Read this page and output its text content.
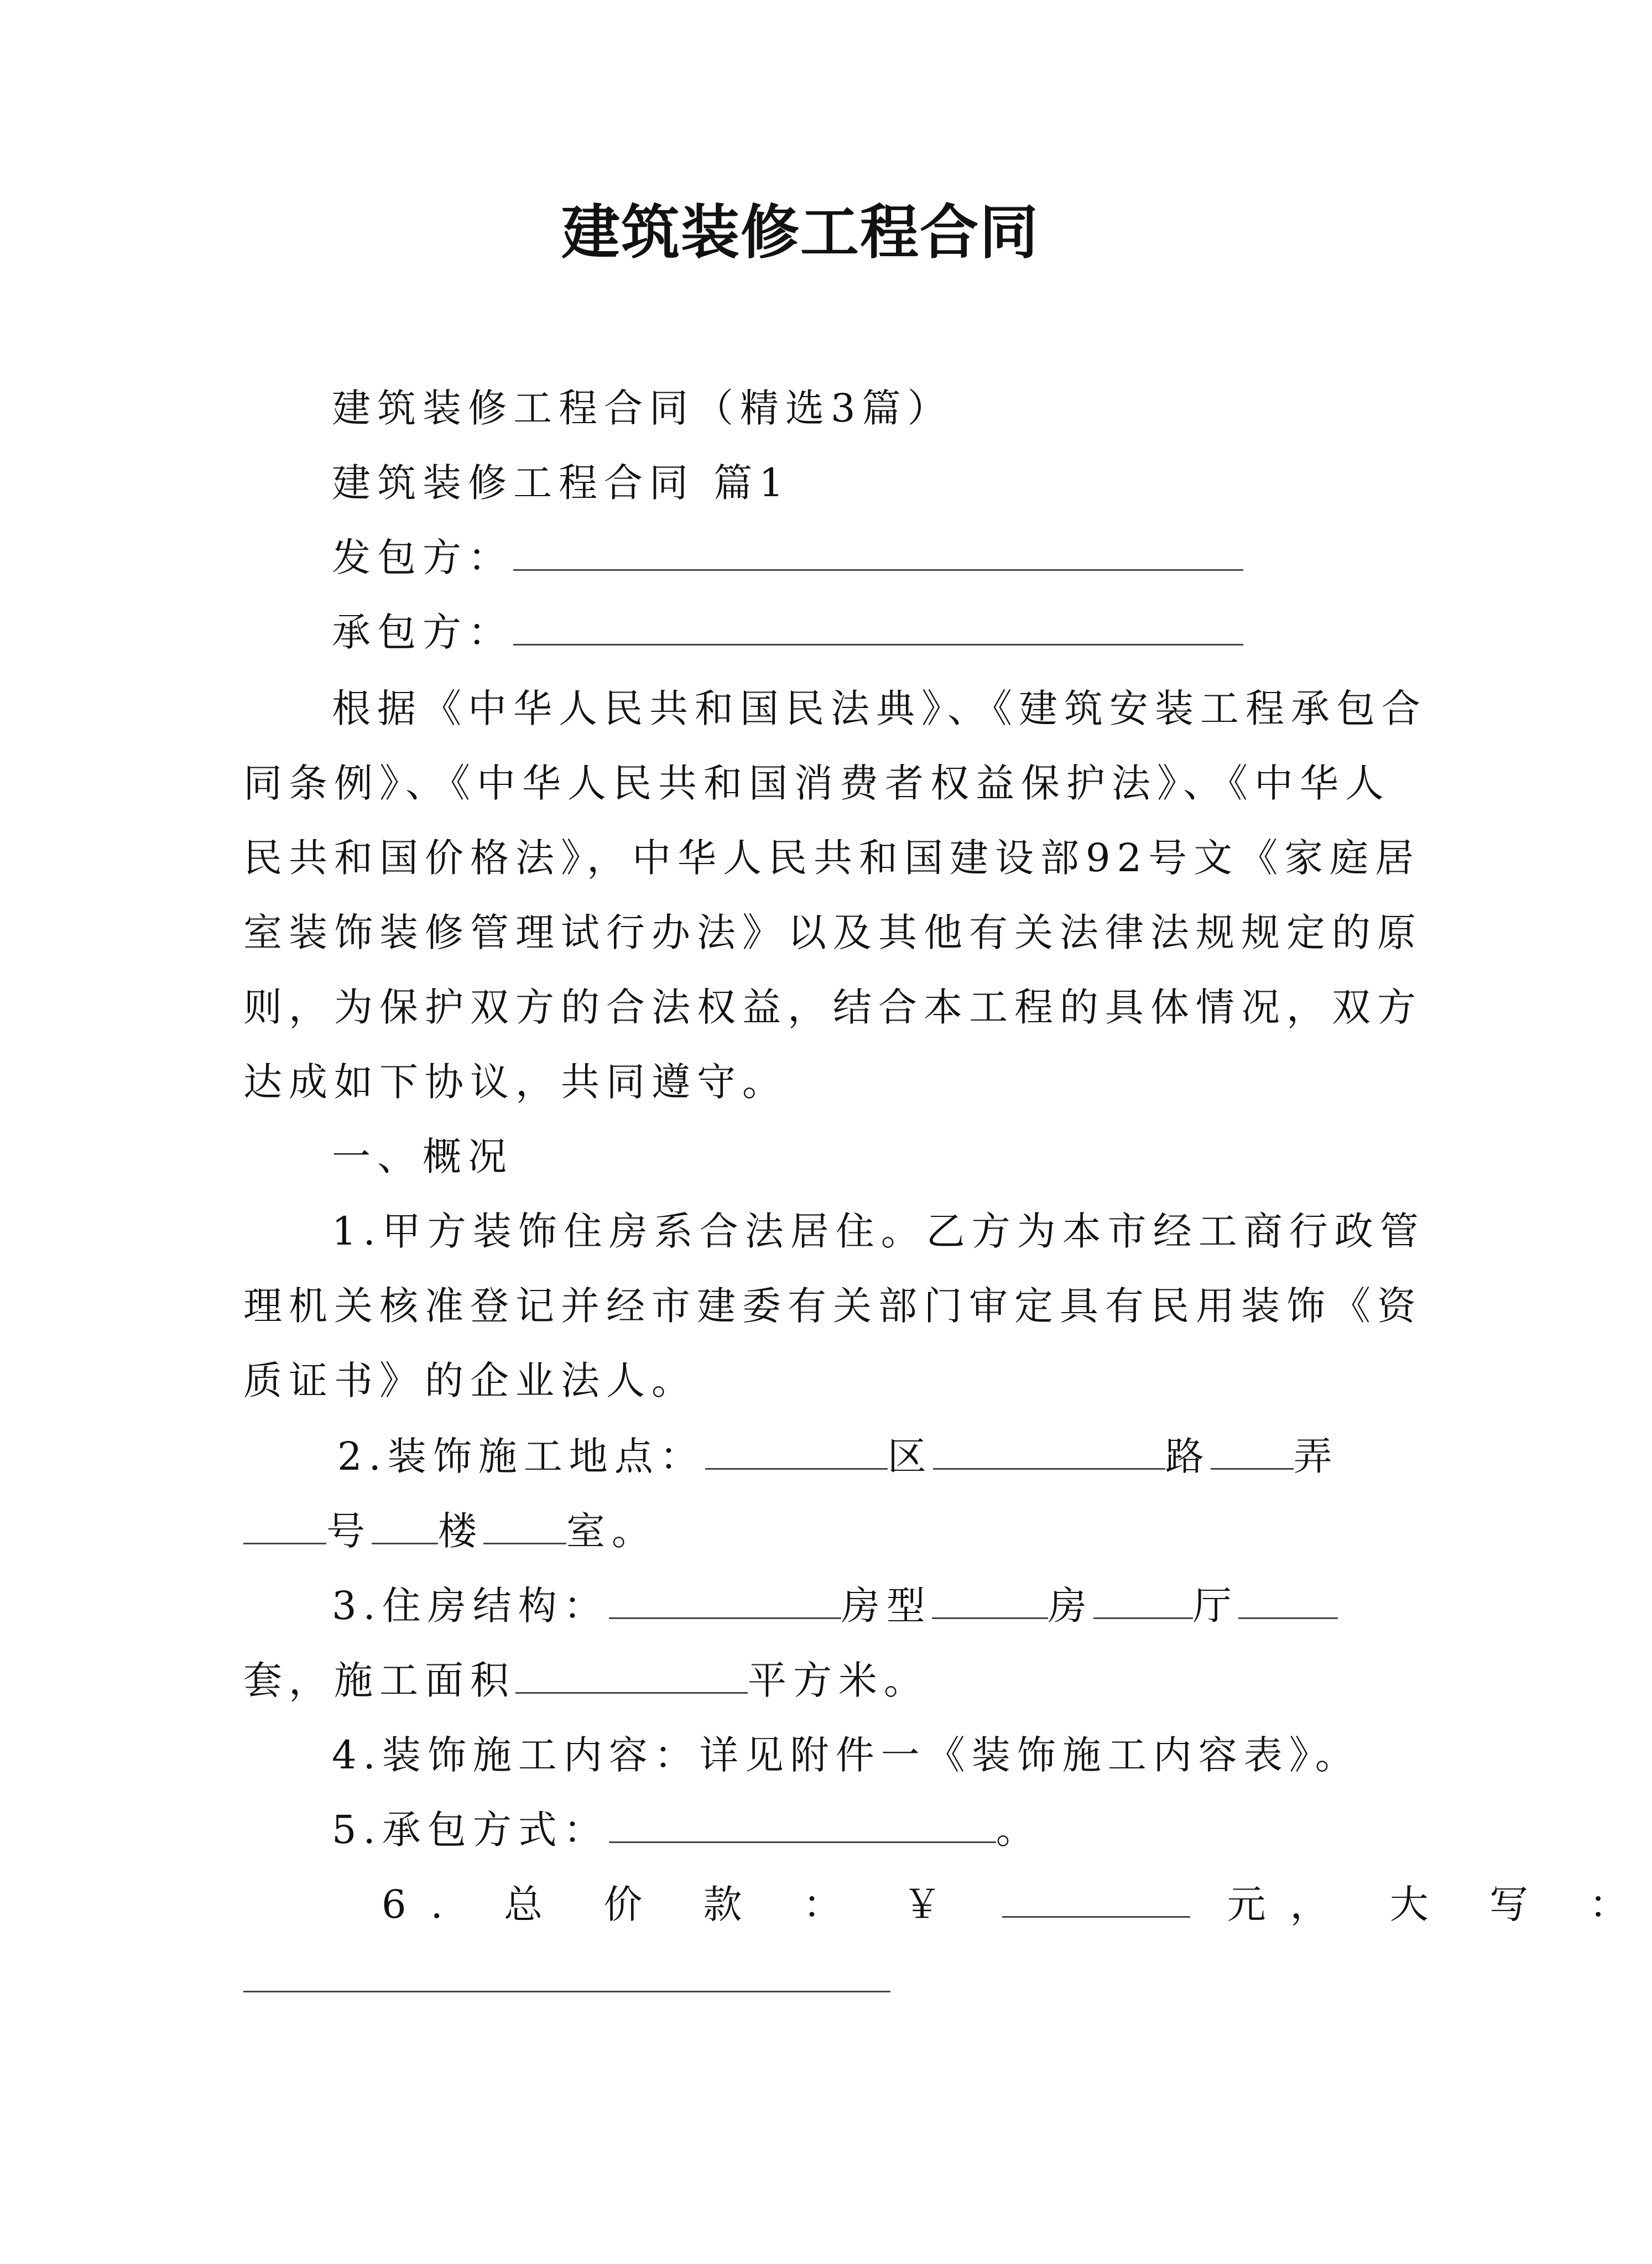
建筑装修工程合同
建筑装修工程合同（精选3篇）
建筑装修工程合同 篇1
发包方：
承包方：
根据《中华人民共和国民法典》、《建筑安装工程承包合
同条例》、《中华人民共和国消费者权益保护法》、《中华人
民共和国价格法》，中华人民共和国建设部92号文《家庭居
室装饰装修管理试行办法》以及其他有关法律法规规定的原
则，为保护双方的合法权益，结合本工程的具体情况，双方
达成如下协议，共同遵守。
一、概况
1.甲方装饰住房系合法居住。乙方为本市经工商行政管
理机关核准登记并经市建委有关部门审定具有民用装饰《资
质证书》的企业法人。
2.装饰施工地点：	区	路 弄
号 楼 室。
3.住房结构：	房型	房	厅
套，施工面积	平方米。
4.装饰施工内容：详见附件一《装饰施工内容表》。
5.承包方式：	。
6. 总 价 款 ： ￥	元， 大 写 ：
